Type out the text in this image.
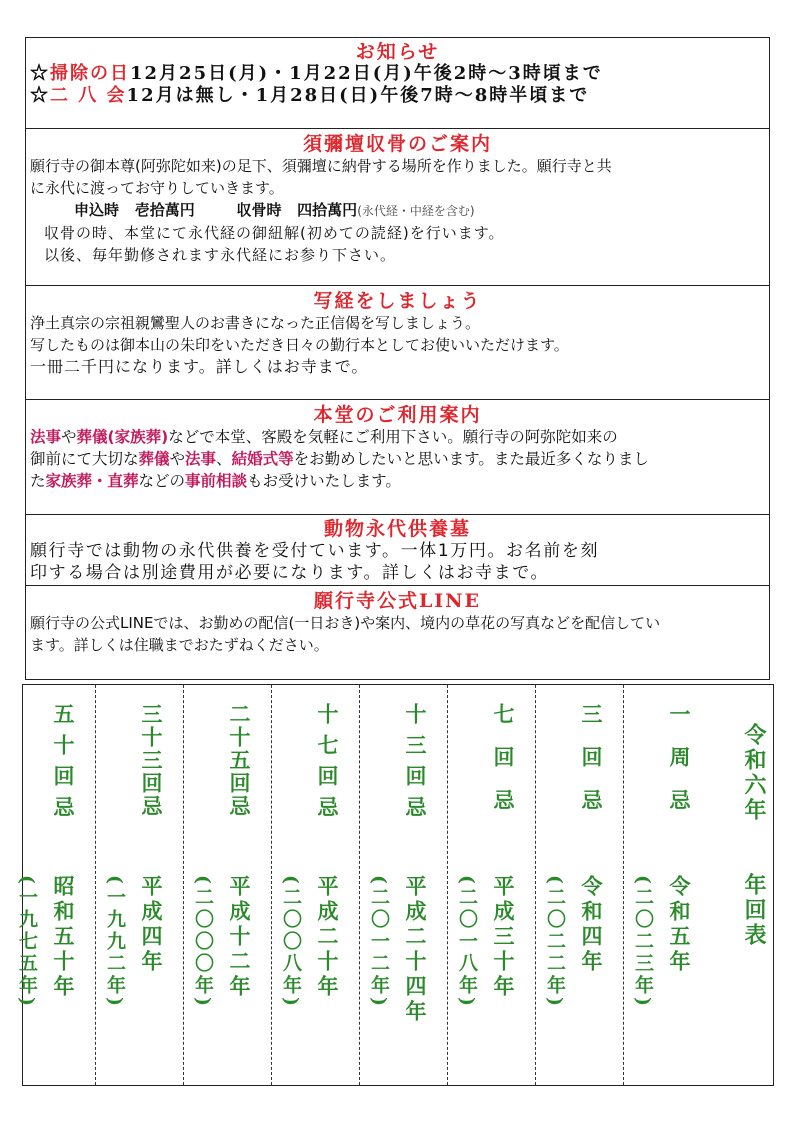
お知らせ
☆掃除の日12月25日(月)・1月22日(月)午後2時～3時頃まで
☆二 八 会12月は無し・1月28日(日)午後7時～8時半頃まで
須彌壇収骨のご案内
願行寺の御本尊(阿弥陀如来)の足下、須彌壇に納骨する場所を作りました。願行寺と共
に永代に渡ってお守りしていきます。
申込時 壱拾萬円	収骨時 四拾萬円(永代経・中経を含む)
収骨の時、本堂にて永代経の御紐解(初めての読経)を行います。
以後、毎年勤修されます永代経にお参り下さい。
写経をしましょう
浄土真宗の宗祖親鸞聖人のお書きになった正信偈を写しましょう。
写したものは御本山の朱印をいただき日々の勤行本としてお使いいただけます。
一冊二千円になります。詳しくはお寺まで。
本堂のご利用案内
法事や葬儀(家族葬)などで本堂、客殿を気軽にご利用下さい。願行寺の阿弥陀如来の
御前にて大切な葬儀や法事、結婚式等をお勤めしたいと思います。また最近多くなりまし
た家族葬・直葬などの事前相談もお受けいたします。
動物永代供養墓
願行寺では動物の永代供養を受付ています。一体1万円。お名前を刻
印する場合は別途費用が必要になります。詳しくはお寺まで。
願行寺公式LINE
願行寺の公式LINEでは、お勤めの配信(一日おき)や案内、境内の草花の写真などを配信してい
ます。詳しくは住職までおたずねください。
令和六年
年回表
一周忌
令和五年
(二〇二三年)
三回忌
令和四年
(二〇二二年)
七回忌
平成三十年
(二〇一八年)
十三回忌
平成二十四年
(二〇一二年)
十七回忌
平成二十年
(二〇〇八年)
二十五回忌
平成十二年
(二〇〇〇年)
三十三回忌
平成四年
(一九九二年)
五十回忌
昭和五十年
(一九七五年)
